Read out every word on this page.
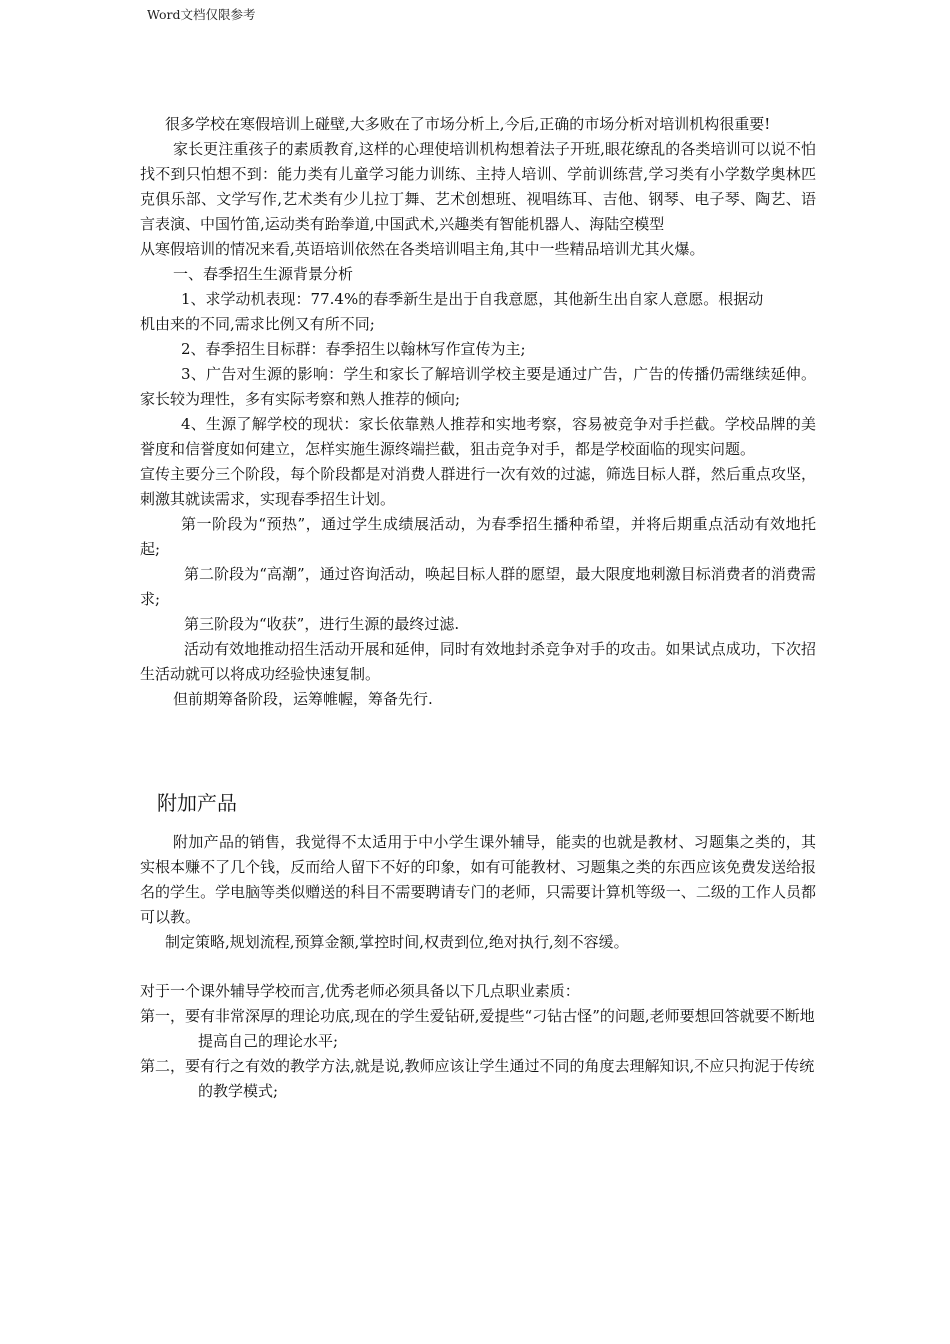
Word文档仅限参考

很多学校在寒假培训上碰壁,大多败在了市场分析上,今后,正确的市场分析对培训机构很重要!

家长更注重孩子的素质教育,这样的心理使培训机构想着法子开班,眼花缭乱的各类培训可以说不怕找不到只怕想不到：能力类有儿童学习能力训练、主持人培训、学前训练营,学习类有小学数学奥林匹克俱乐部、文学写作,艺术类有少儿拉丁舞、艺术创想班、视唱练耳、吉他、钢琴、电子琴、陶艺、语言表演、中国竹笛,运动类有跆拳道,中国武术,兴趣类有智能机器人、海陆空模型

从寒假培训的情况来看,英语培训依然在各类培训唱主角,其中一些精品培训尤其火爆。

一、春季招生生源背景分析

1、求学动机表现：77.4%的春季新生是出于自我意愿，其他新生出自家人意愿。根据动

机由来的不同,需求比例又有所不同;

2、春季招生目标群：春季招生以翰林写作宣传为主;

3、广告对生源的影响：学生和家长了解培训学校主要是通过广告，广告的传播仍需继续延伸。家长较为理性，多有实际考察和熟人推荐的倾向;

4、生源了解学校的现状：家长依靠熟人推荐和实地考察，容易被竞争对手拦截。学校品牌的美誉度和信誉度如何建立，怎样实施生源终端拦截，狙击竞争对手，都是学校面临的现实问题。

宣传主要分三个阶段，每个阶段都是对消费人群进行一次有效的过滤，筛选目标人群，然后重点攻坚，刺激其就读需求，实现春季招生计划。

第一阶段为“预热”，通过学生成绩展活动，为春季招生播种希望，并将后期重点活动有效地托起;

第二阶段为“高潮”，通过咨询活动，唤起目标人群的愿望，最大限度地刺激目标消费者的消费需求;

第三阶段为“收获”，进行生源的最终过滤.

活动有效地推动招生活动开展和延伸，同时有效地封杀竞争对手的攻击。如果试点成功，下次招生活动就可以将成功经验快速复制。

但前期筹备阶段，运筹帷幄，筹备先行.

附加产品

附加产品的销售，我觉得不太适用于中小学生课外辅导，能卖的也就是教材、习题集之类的，其实根本赚不了几个钱，反而给人留下不好的印象，如有可能教材、习题集之类的东西应该免费发送给报名的学生。学电脑等类似赠送的科目不需要聘请专门的老师，只需要计算机等级一、二级的工作人员都可以教。

制定策略,规划流程,预算金额,掌控时间,权责到位,绝对执行,刻不容缓。

对于一个课外辅导学校而言,优秀老师必须具备以下几点职业素质：

第一，要有非常深厚的理论功底,现在的学生爱钻研,爱提些“刁钻古怪”的问题,老师要想回答就要不断地提高自己的理论水平;

第二，要有行之有效的教学方法,就是说,教师应该让学生通过不同的角度去理解知识,不应只拘泥于传统的教学模式;
